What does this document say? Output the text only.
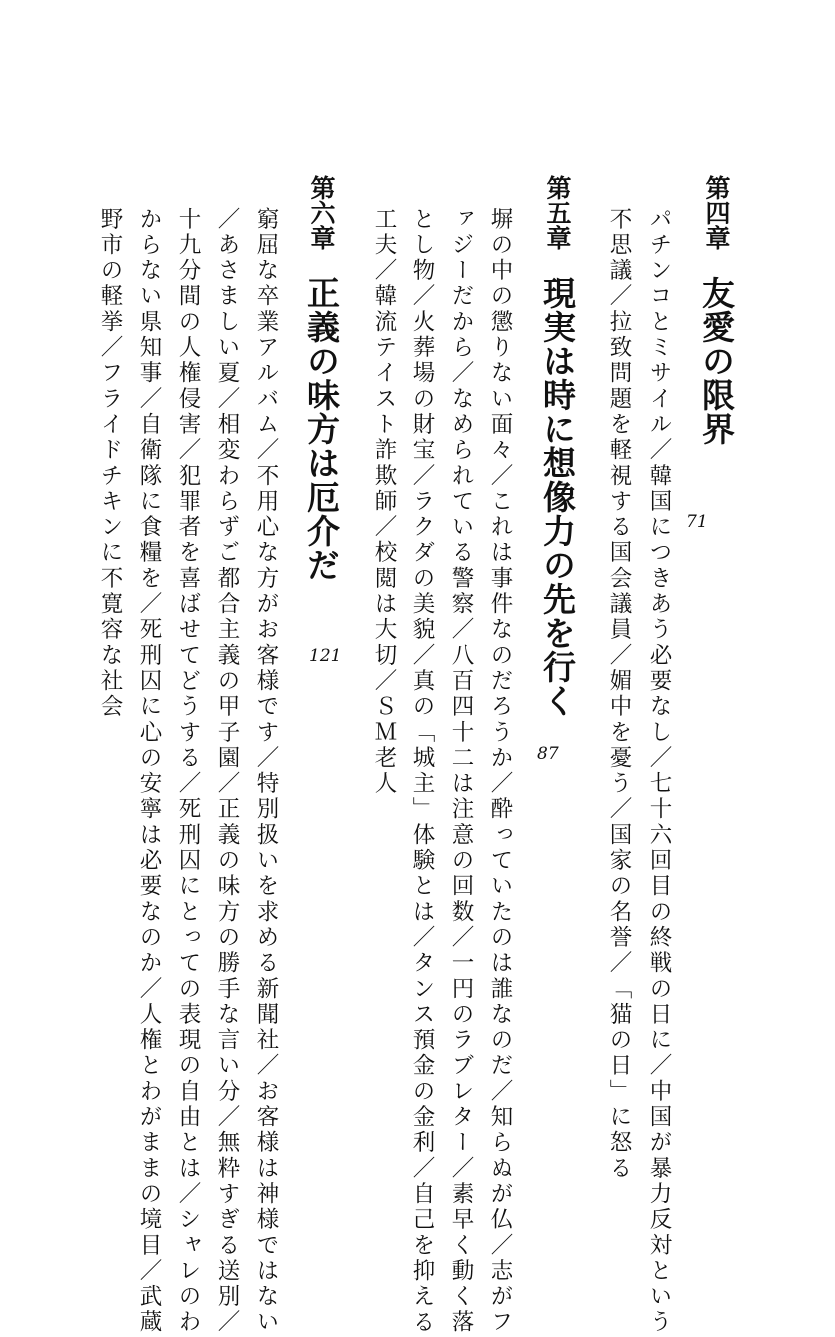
第四章友愛の限界
71

パチンコとミサイル／韓国につきあう必要なし／七十六回目の終戦の日に／中国が暴力反対という

不思議／拉致問題を軽視する国会議員／媚中を憂う／国家の名誉／「猫の日」に怒る

第五章現実は時に想像力の先を行く
87

塀の中の懲りない面々／これは事件なのだろうか／酔っていたのは誰なのだ／知らぬが仏／志がフ

ァジーだから／なめられている警察／八百四十二は注意の回数／一円のラブレター／素早く動く落

とし物／火葬場の財宝／ラクダの美貌／真の「城主」体験とは／タンス預金の金利／自己を抑える

工夫／韓流テイスト詐欺師／校閲は大切／ＳＭ老人

第六章正義の味方は厄介だ
121

窮屈な卒業アルバム／不用心な方がお客様です／特別扱いを求める新聞社／お客様は神様ではない

／あさましい夏／相変わらずご都合主義の甲子園／正義の味方の勝手な言い分／無粋すぎる送別／

十九分間の人権侵害／犯罪者を喜ばせてどうする／死刑囚にとっての表現の自由とは／シャレのわ

からない県知事／自衛隊に食糧を／死刑囚に心の安寧は必要なのか／人権とわがままの境目／武蔵

野市の軽挙／フライドチキンに不寛容な社会
